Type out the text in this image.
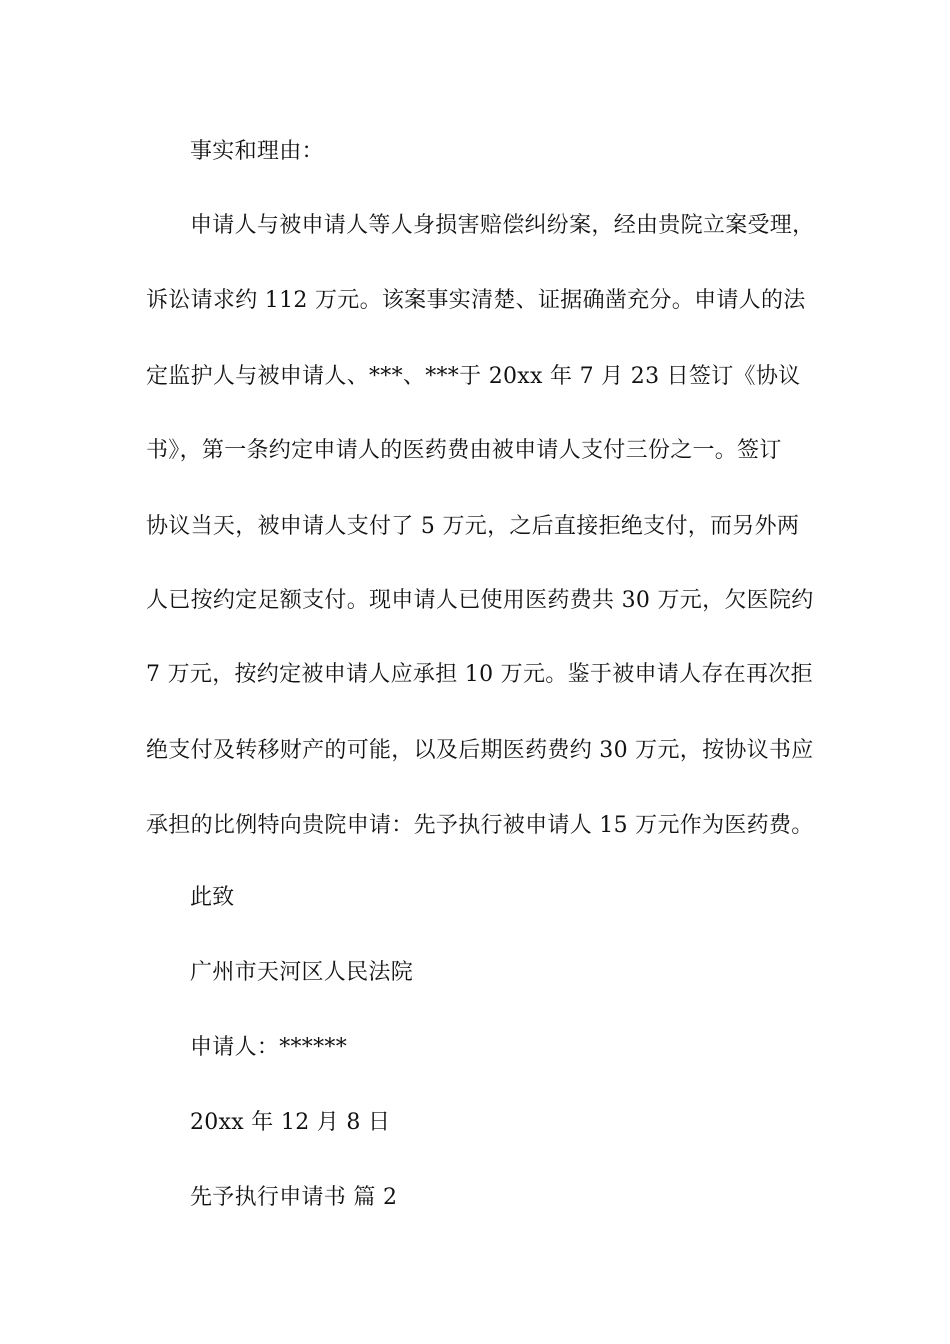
事实和理由：
申请人与被申请人等人身损害赔偿纠纷案，经由贵院立案受理，
诉讼请求约 112 万元。该案事实清楚、证据确凿充分。申请人的法
定监护人与被申请人、***、***于 20xx 年 7 月 23 日签订《协议
书》，第一条约定申请人的医药费由被申请人支付三份之一。签订
协议当天，被申请人支付了 5 万元，之后直接拒绝支付，而另外两
人已按约定足额支付。现申请人已使用医药费共 30 万元，欠医院约
7 万元，按约定被申请人应承担 10 万元。鉴于被申请人存在再次拒
绝支付及转移财产的可能，以及后期医药费约 30 万元，按协议书应
承担的比例特向贵院申请：先予执行被申请人 15 万元作为医药费。
此致
广州市天河区人民法院
申请人：******
20xx 年 12 月 8 日
先予执行申请书 篇 2
